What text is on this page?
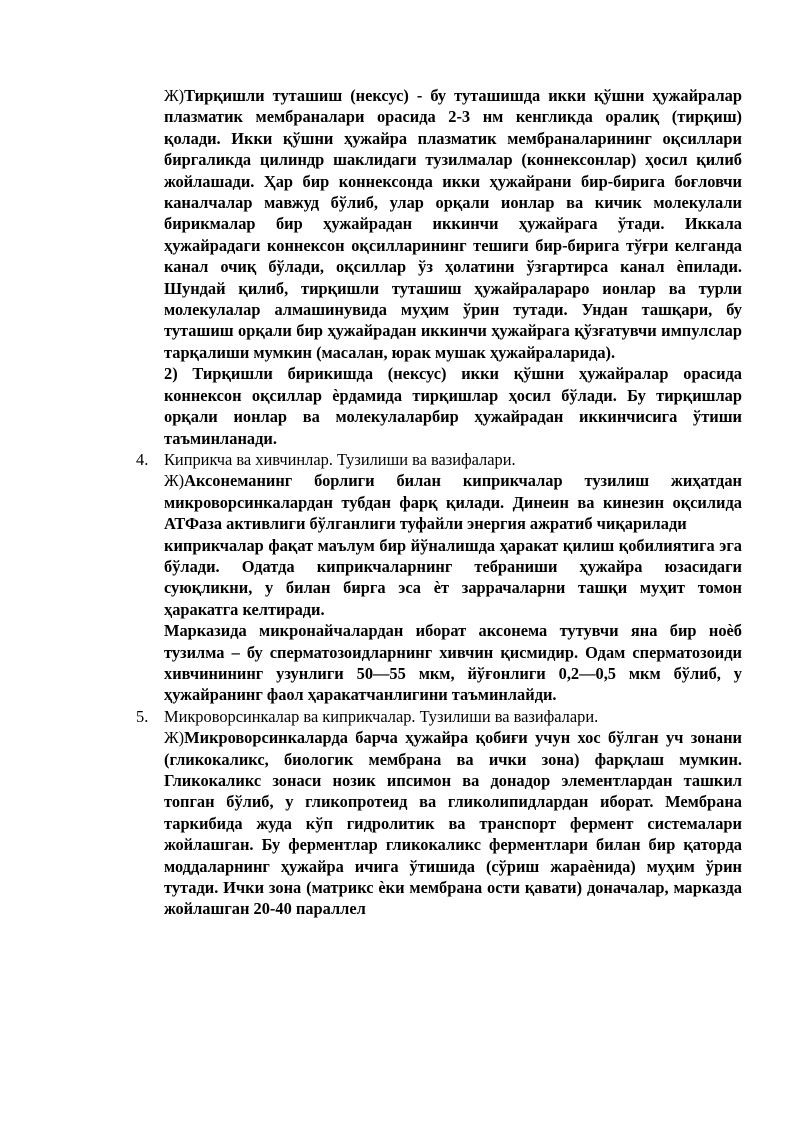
Ж)Тирқишли туташиш (нексус) - бу туташишда икки қўшни ҳужайралар плазматик мембраналари орасида 2-3 нм кенгликда оралиқ (тирқиш) қолади. Икки қўшни ҳужайра плазматик мембраналарининг оқсиллари биргаликда цилиндр шаклидаги тузилмалар (коннексонлар) ҳосил қилиб жойлашади. Ҳар бир коннексонда икки ҳужайрани бир-бирига боғловчи каналчалар мавжуд бўлиб, улар орқали ионлар ва кичик молекулали бирикмалар бир ҳужайрадан иккинчи ҳужайрага ўтади. Иккала ҳужайрадаги коннексон оқсилларининг тешиги бир-бирига тўғри келганда канал очиқ бўлади, оқсиллар ўз ҳолатини ўзгартирса канал ѐпилади. Шундай қилиб, тирқишли туташиш ҳужайралараро ионлар ва турли молекулалар алмашинувида муҳим ўрин тутади. Ундан ташқари, бу туташиш орқали бир ҳужайрадан иккинчи ҳужайрага қўзғатувчи импулслар тарқалиши мумкин (масалан, юрак мушак ҳужайраларида).

2) Тирқишли бирикишда (нексус) икки қўшни ҳужайралар орасида коннексон оқсиллар ѐрдамида тирқишлар ҳосил бўлади. Бу тирқишлар орқали ионлар ва молекулаларбир ҳужайрадан иккинчисига ўтиши таъминланади.

4. Киприкча ва хивчинлар. Тузилиши ва вазифалари.

Ж)Аксонеманинг борлиги билан киприкчалар тузилиш жиҳатдан микроворсинкалардан тубдан фарқ қилади. Динеин ва кинезин оқсилида АТФаза активлиги бўлганлиги туфайли энергия ажратиб чиқарилади

киприкчалар фақат маълум бир йўналишда ҳаракат қилиш қобилиятига эга бўлади. Одатда киприкчаларнинг тебраниши ҳужайра юзасидаги суюқликни, у билан бирга эса ѐт заррачаларни ташқи муҳит томон ҳаракатга келтиради.

Марказида микронайчалардан иборат аксонема тутувчи яна бир ноѐб тузилма – бу сперматозоидларнинг хивчин қисмидир. Одам сперматозоиди хивчинининг узунлиги 50—55 мкм, йўғонлиги 0,2—0,5 мкм бўлиб, у ҳужайранинг фаол ҳаракатчанлигини таъминлайди.

5. Микроворсинкалар ва киприкчалар. Тузилиши ва вазифалари.

Ж)Микроворсинкаларда барча ҳужайра қобиғи учун хос бўлган уч зонани (гликокаликс, биологик мембрана ва ички зона) фарқлаш мумкин. Гликокаликс зонаси нозик ипсимон ва донадор элементлардан ташкил топган бўлиб, у гликопротеид ва гликолипидлардан иборат. Мембрана таркибида жуда кўп гидролитик ва транспорт фермент системалари жойлашган. Бу ферментлар гликокаликс ферментлари билан бир қаторда моддаларнинг ҳужайра ичига ўтишида (сўриш жараѐнида) муҳим ўрин тутади. Ички зона (матрикс ѐки мембрана ости қавати) доначалар, марказда жойлашган 20-40 параллел
